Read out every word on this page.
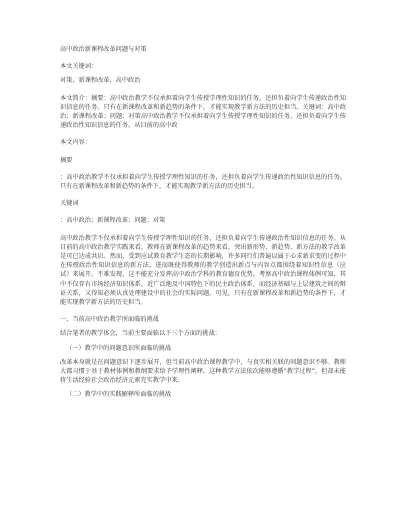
高中政治新课程改革问题与对策

本文关键词：

对策，新课程改革，高中政治

本文简介：摘要：高中政治教学不仅承担着向学生传授学理性知识的任务，还担负着向学生传递政治性知识信息的任务。只有在新课程改革和新趋势的条件下，才能实现教学新方法的历史担当。关键词：高中政治；新课程改革；问题；对策高中政治教学不仅承担着向学生传授学理性知识的任务，还担负着向学生传递政治性知识信息的任务。从目前的高中政

本文内容：

摘要

：高中政治教学不仅承担着向学生传授学理性知识的任务，还担负着向学生传递政治性知识信息的任务。只有在新课程改革和新趋势的条件下，才能实现教学新方法的历史担当。

关键词

：高中政治；新课程改革；问题；对策

高中政治教学不仅承担着向学生传授学理性知识的任务，还担负着向学生传递政治性知识信息的任务。从目前的高中政治教学实践来看，教师在新课程改革的趋势来看，突出新形势、新趋势、新方法的教学改革是可已达成共识。然而，受到应试教育教学生态的长期影响，许多同行们普遍以属于心求新求变的过程中在传授政治性知识信息的新方法，进而既使得教师的教学创造出新点与内容点都围绕着知识性信息（应试）来展开。不难发现，这不能充分发挥高中政治学科的教育德育优势。考察高中政治课程体例可知，其中不仅存有市场经济知识体系、近广泛地及中国特色下的民主政治体系、而经济基础与上层建筑之间的辩证关系，又得知必须认真处理建设中的社会的实际问题。可见，只有在新课程改革和新趋势的条件下，才能实现教学新方法的历史担当。

一、当前高中政治教学所面临的挑战

结合笔者的教学体会，当前主要面临以下三个方面的挑战：

（一）教学中的问题意识所面临的挑战

改革本身就是在问题意识下逐步展开，但当前高中政治课程教学中，与真实相关联的问题意识不够。教师大都习惯于基于教材体例和教纲要求给予学理性阐释。这种教学方法依次能够遵循“教学过程”，但却未能将生活经验社会政治经济元素充实教学中来。

（二）教学中的实践解释所面临的挑战
